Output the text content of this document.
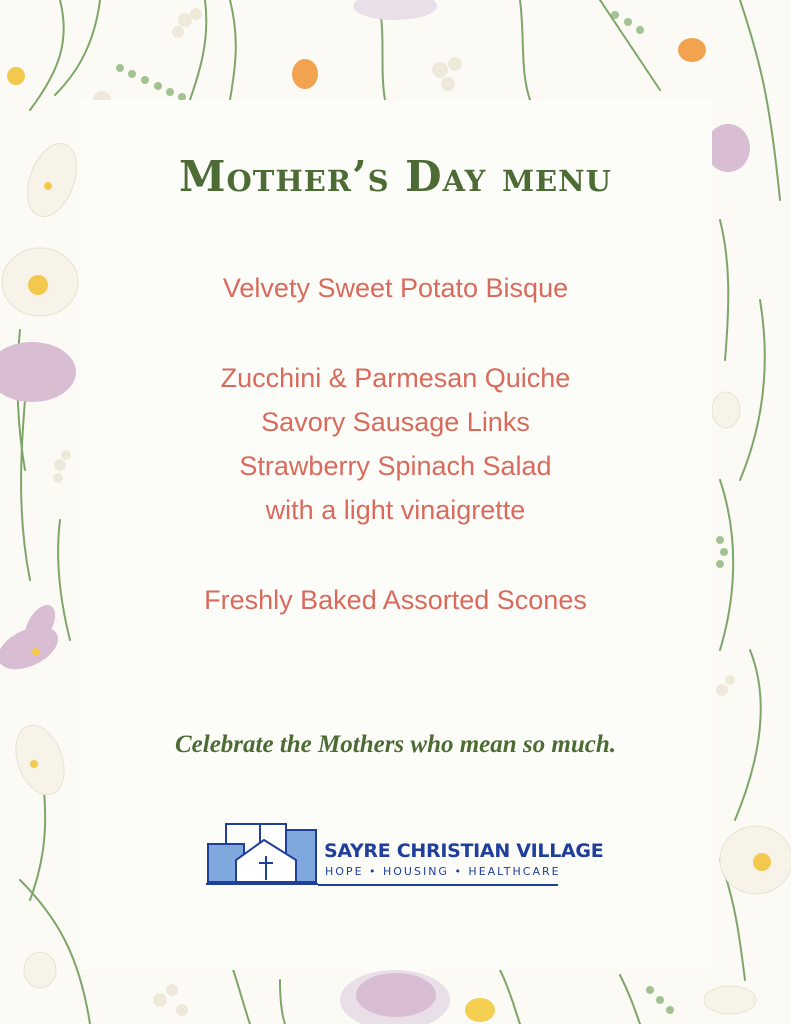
Mother’s Day menu
Velvety Sweet Potato Bisque
Zucchini & Parmesan Quiche
Savory Sausage Links
Strawberry Spinach Salad
with a light vinaigrette
Freshly Baked Assorted Scones
Celebrate the Mothers who mean so much.
SAYRE CHRISTIAN VILLAGE
HOPE • HOUSING • HEALTHCARE
